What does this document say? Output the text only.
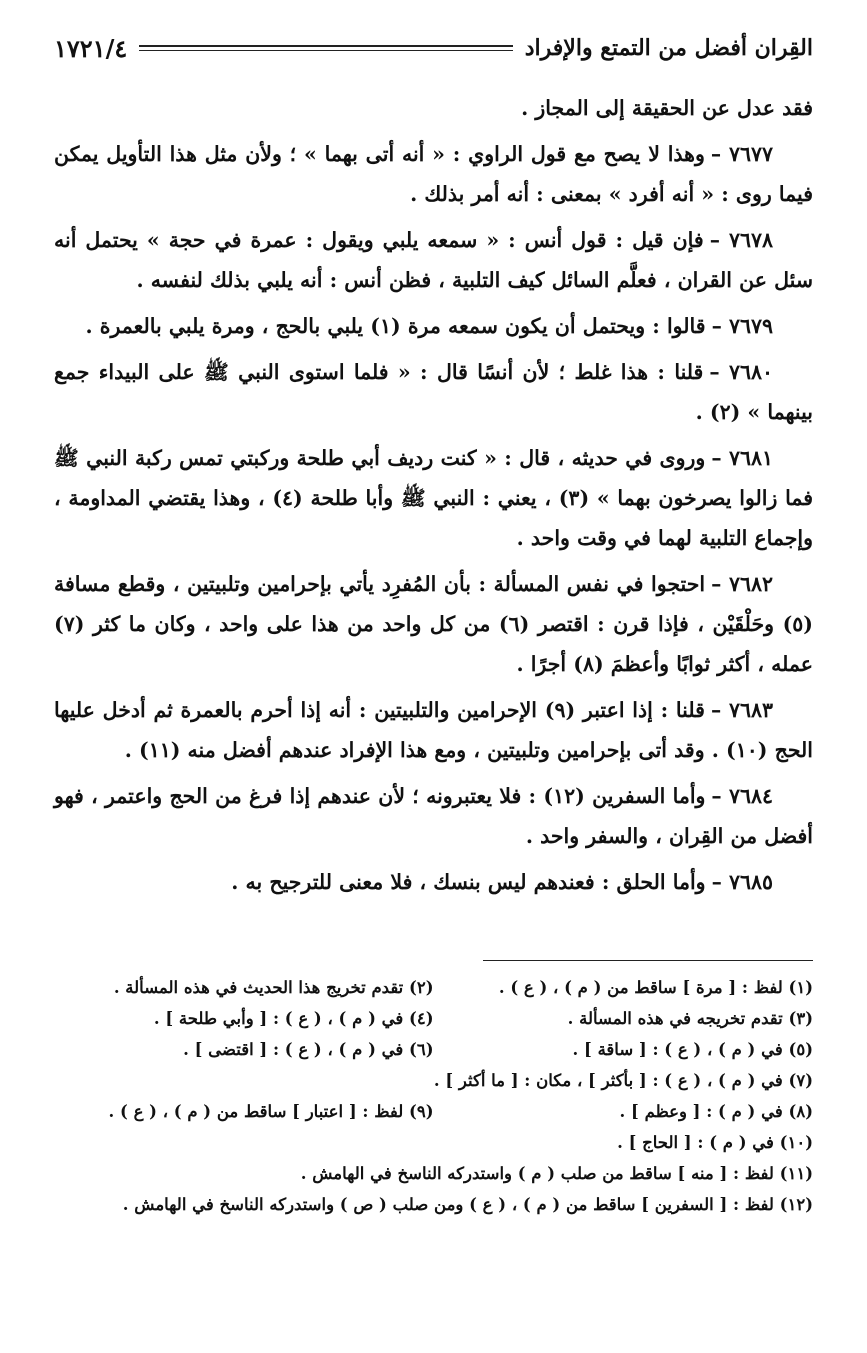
القِران أفضل من التمتع والإفراد
١٧٢١/٤

فقد عدل عن الحقيقة إلى المجاز .

٧٦٧٧ –وهذا لا يصح مع قول الراوي : « أنه أتى بهما » ؛ ولأن مثل هذا التأويل يمكن فيما روى : « أنه أفرد » بمعنى : أنه أمر بذلك .

٧٦٧٨ –فإن قيل : قول أنس : « سمعه يلبي ويقول : عمرة في حجة » يحتمل أنه سئل عن القران ، فعلَّم السائل كيف التلبية ، فظن أنس : أنه يلبي بذلك لنفسه .

٧٦٧٩ –قالوا : ويحتمل أن يكون سمعه مرة (١) يلبي بالحج ، ومرة يلبي بالعمرة .

٧٦٨٠ –قلنا : هذا غلط ؛ لأن أنسًا قال : « فلما استوى النبي ﷺ على البيداء جمع بينهما » (٢) .

٧٦٨١ –وروى في حديثه ، قال : « كنت رديف أبي طلحة وركبتي تمس ركبة النبي ﷺ فما زالوا يصرخون بهما » (٣) ، يعني : النبي ﷺ وأبا طلحة (٤) ، وهذا يقتضي المداومة ، وإجماع التلبية لهما في وقت واحد .

٧٦٨٢ –احتجوا في نفس المسألة : بأن المُفرِد يأتي بإحرامين وتلبيتين ، وقطع مسافة (٥) وحَلْقَيْن ، فإذا قرن : اقتصر (٦) من كل واحد من هذا على واحد ، وكان ما كثر (٧) عمله ، أكثر ثوابًا وأعظمَ (٨) أجرًا .

٧٦٨٣ –قلنا : إذا اعتبر (٩) الإحرامين والتلبيتين : أنه إذا أحرم بالعمرة ثم أدخل عليها الحج (١٠) . وقد أتى بإحرامين وتلبيتين ، ومع هذا الإفراد عندهم أفضل منه (١١) .

٧٦٨٤ –وأما السفرين (١٢) : فلا يعتبرونه ؛ لأن عندهم إذا فرغ من الحج واعتمر ، فهو أفضل من القِران ، والسفر واحد .

٧٦٨٥ –وأما الحلق : فعندهم ليس بنسك ، فلا معنى للترجيح به .

(١) لفظ : [ مرة ] ساقط من ( م ) ، ( ع ) .
(٢) تقدم تخريج هذا الحديث في هذه المسألة .
(٣) تقدم تخريجه في هذه المسألة .
(٤) في ( م ) ، ( ع ) : [ وأبي طلحة ] .
(٥) في ( م ) ، ( ع ) : [ ساقة ] .
(٦) في ( م ) ، ( ع ) : [ اقتضى ] .
(٧) في ( م ) ، ( ع ) : [ بأكثر ] ، مكان : [ ما أكثر ] .
(٨) في ( م ) : [ وعظم ] .
(٩) لفظ : [ اعتبار ] ساقط من ( م ) ، ( ع ) .
(١٠) في ( م ) : [ الحاج ] .
(١١) لفظ : [ منه ] ساقط من صلب ( م ) واستدركه الناسخ في الهامش .
(١٢) لفظ : [ السفرين ] ساقط من ( م ) ، ( ع ) ومن صلب ( ص ) واستدركه الناسخ في الهامش .
